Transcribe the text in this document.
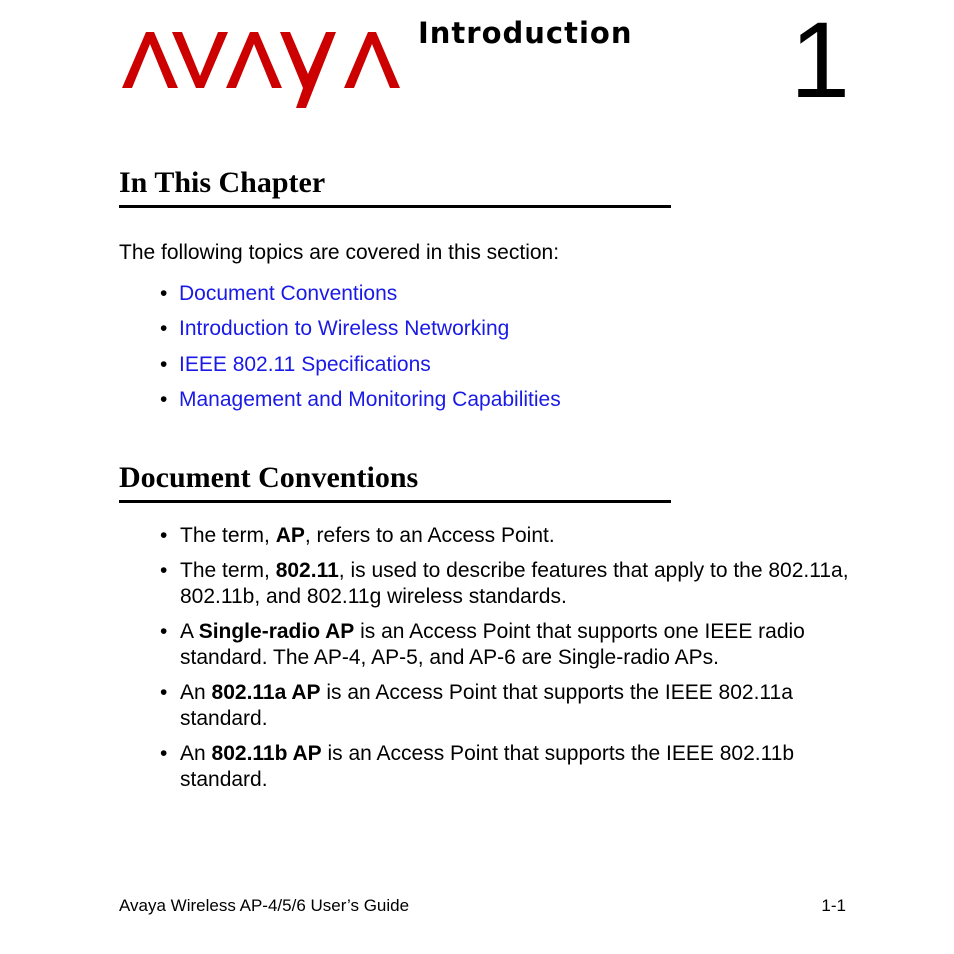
Introduction 1
In This Chapter
The following topics are covered in this section:
• Document Conventions
• Introduction to Wireless Networking
• IEEE 802.11 Specifications
• Management and Monitoring Capabilities
Document Conventions
• The term, AP, refers to an Access Point.
• The term, 802.11, is used to describe features that apply to the 802.11a, 802.11b, and 802.11g wireless standards.
• A Single-radio AP is an Access Point that supports one IEEE radio standard. The AP-4, AP-5, and AP-6 are Single-radio APs.
• An 802.11a AP is an Access Point that supports the IEEE 802.11a standard.
• An 802.11b AP is an Access Point that supports the IEEE 802.11b standard.
Avaya Wireless AP-4/5/6 User’s Guide	1-1
